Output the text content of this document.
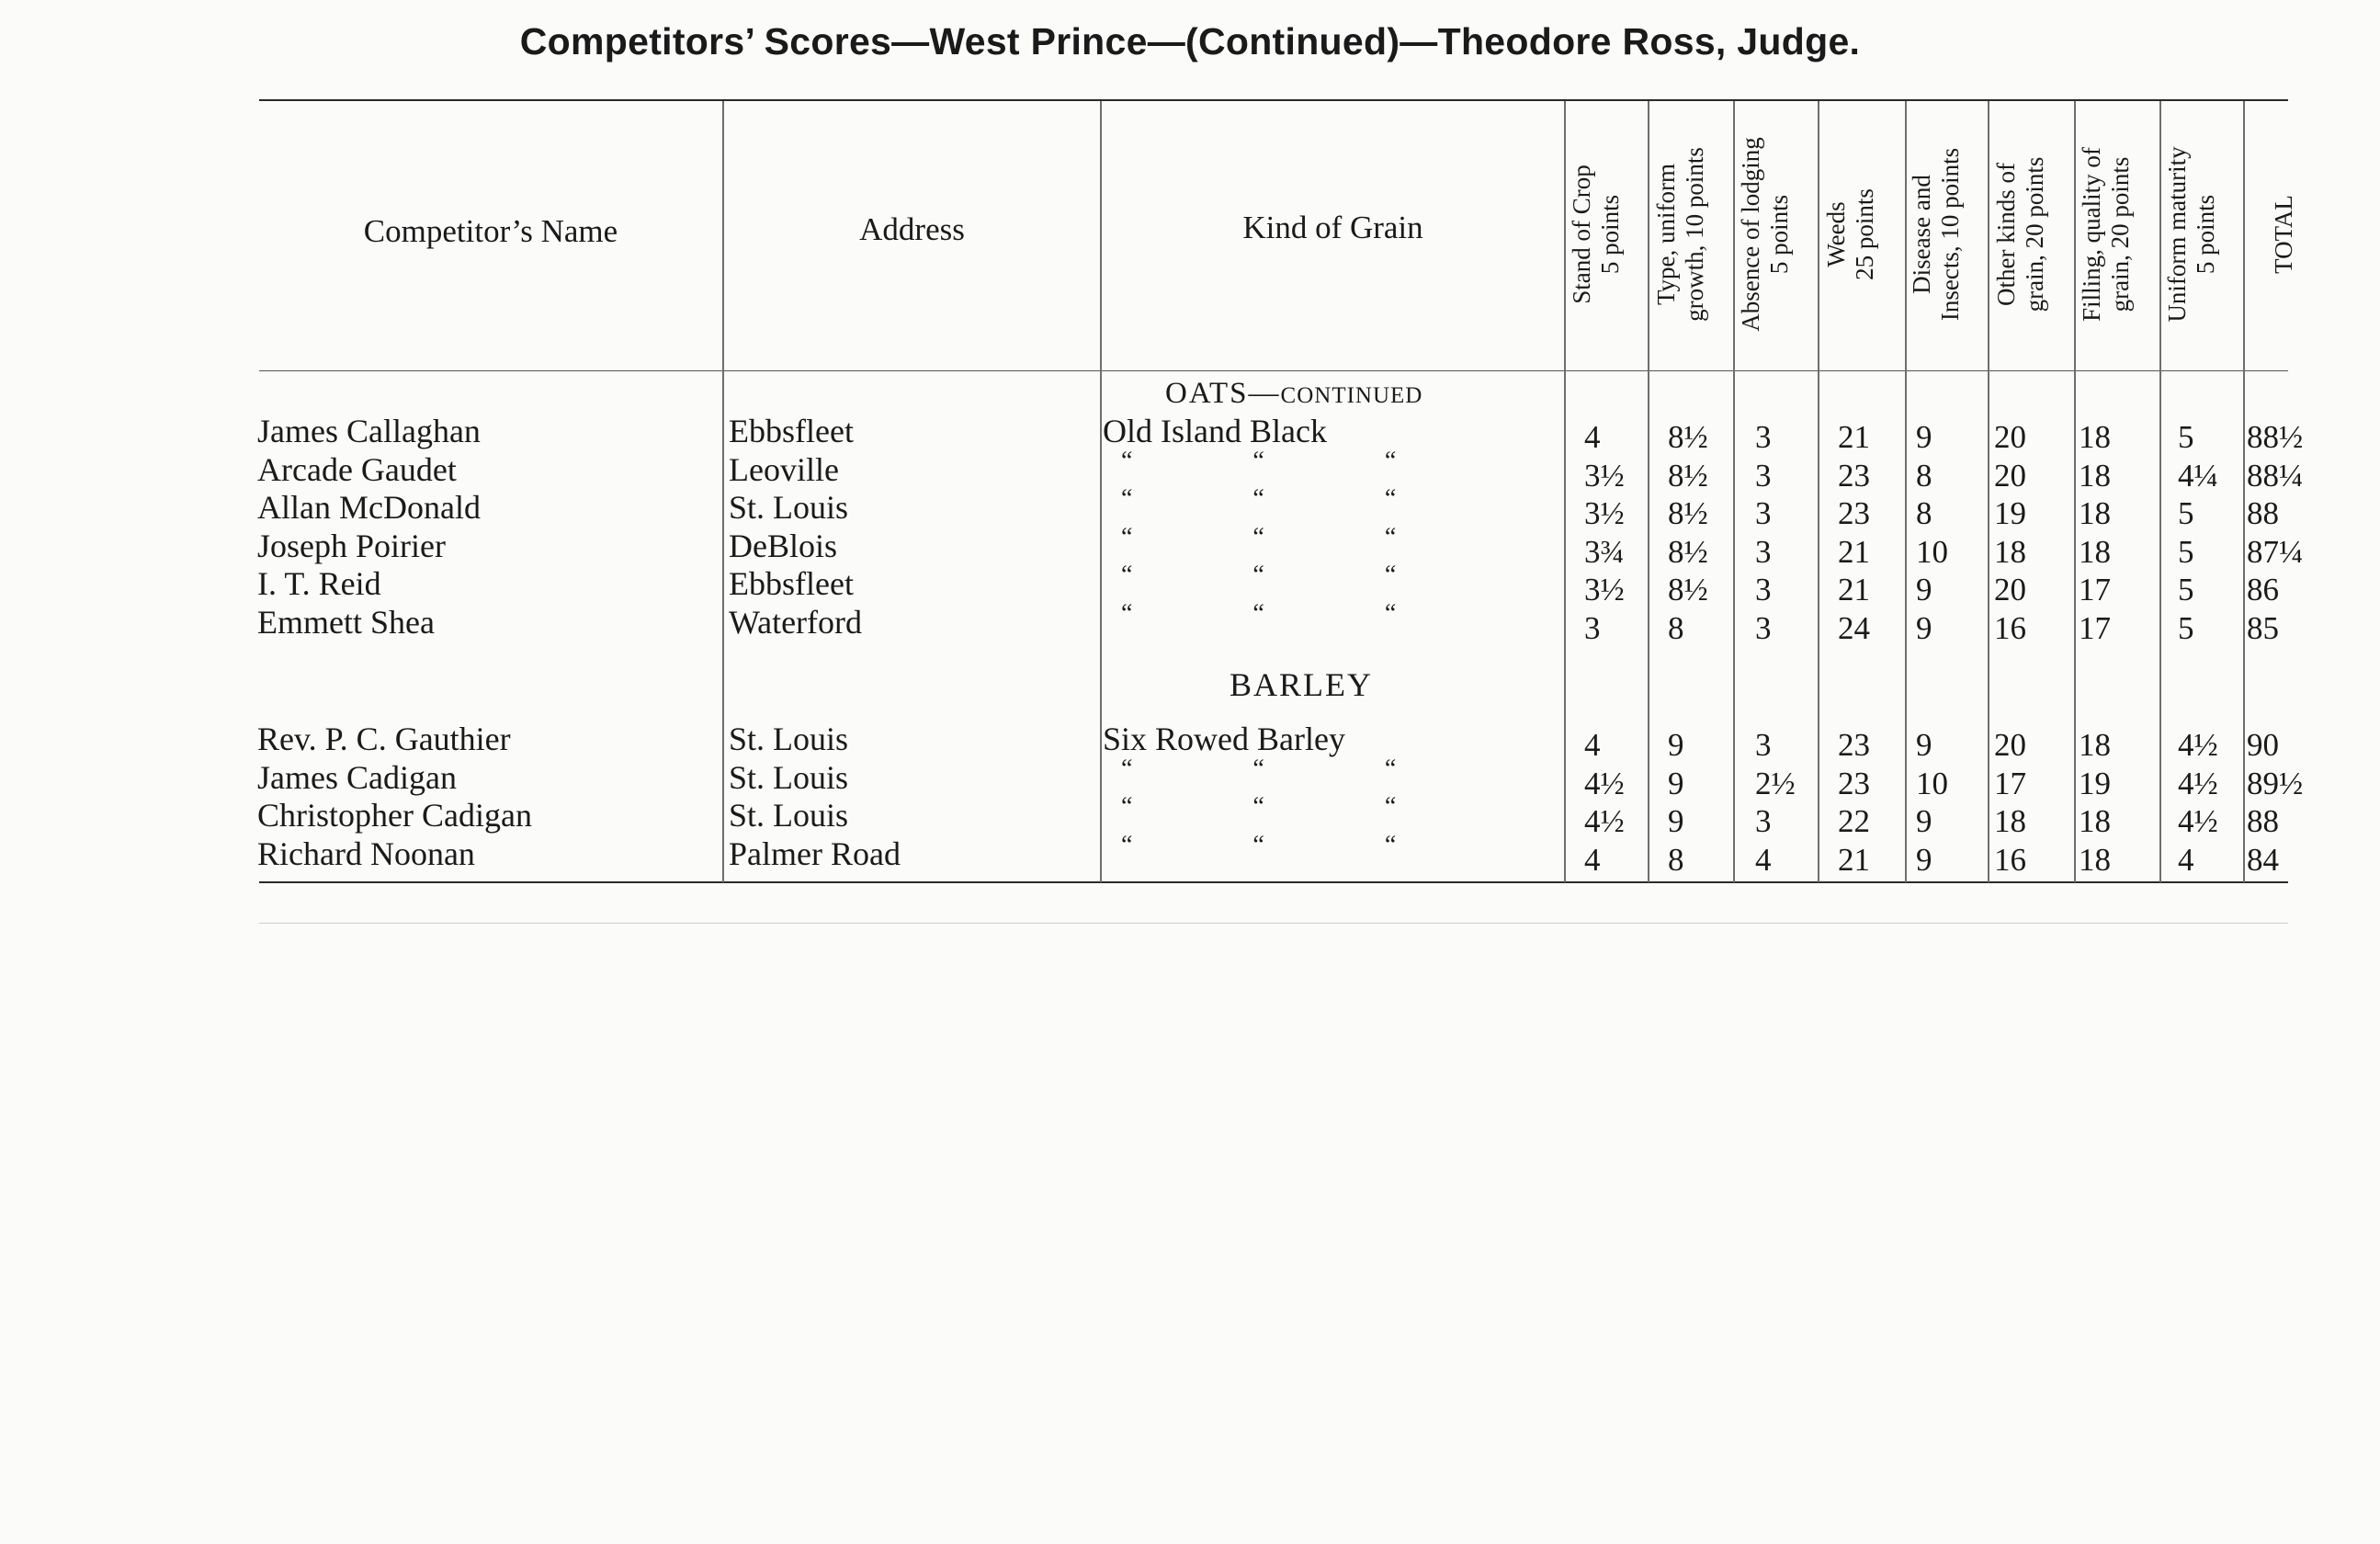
Competitors’ Scores—West Prince—(Continued)—Theodore Ross, Judge.
Competitor’s Name	Address	Kind of Grain	Stand of Crop 5 points Type, uniform growth, 10 points Absence of lodging 5 points Weeds 25 points Disease and Insects, 10 points Other kinds of grain, 20 points Filling, quality of grain, 20 points Uniform maturity 5 points	TOTAL
OATS—CONTINUED
BARLEY
James Callaghan	Ebbsfleet	Old Island Black	4 8½ 3 21 9 20 18 5 88½
Arcade Gaudet	Leoville	“ “ “	3½ 8½ 3 23 8 20 18 4¼ 88¼
Allan McDonald	St. Louis	“ “ “	3½ 8½ 3 23 8 19 18 5 88
Joseph Poirier	DeBlois	“ “ “	3¾ 8½ 3 21 10 18 18 5 87¼
I. T. Reid	Ebbsfleet	“ “ “	3½ 8½ 3 21 9 20 17 5 86
Emmett Shea	Waterford	“ “ “	3 8 3 24 9 16 17 5 85
Rev. P. C. Gauthier	St. Louis	Six Rowed Barley	4 9 3 23 9 20 18 4½ 90
James Cadigan	St. Louis	“ “ “	4½ 9 2½ 23 10 17 19 4½ 89½
Christopher Cadigan	St. Louis	“ “ “	4½ 9 3 22 9 18 18 4½ 88
Richard Noonan	Palmer Road	“ “ “	4 8 4 21 9 16 18 4 84
